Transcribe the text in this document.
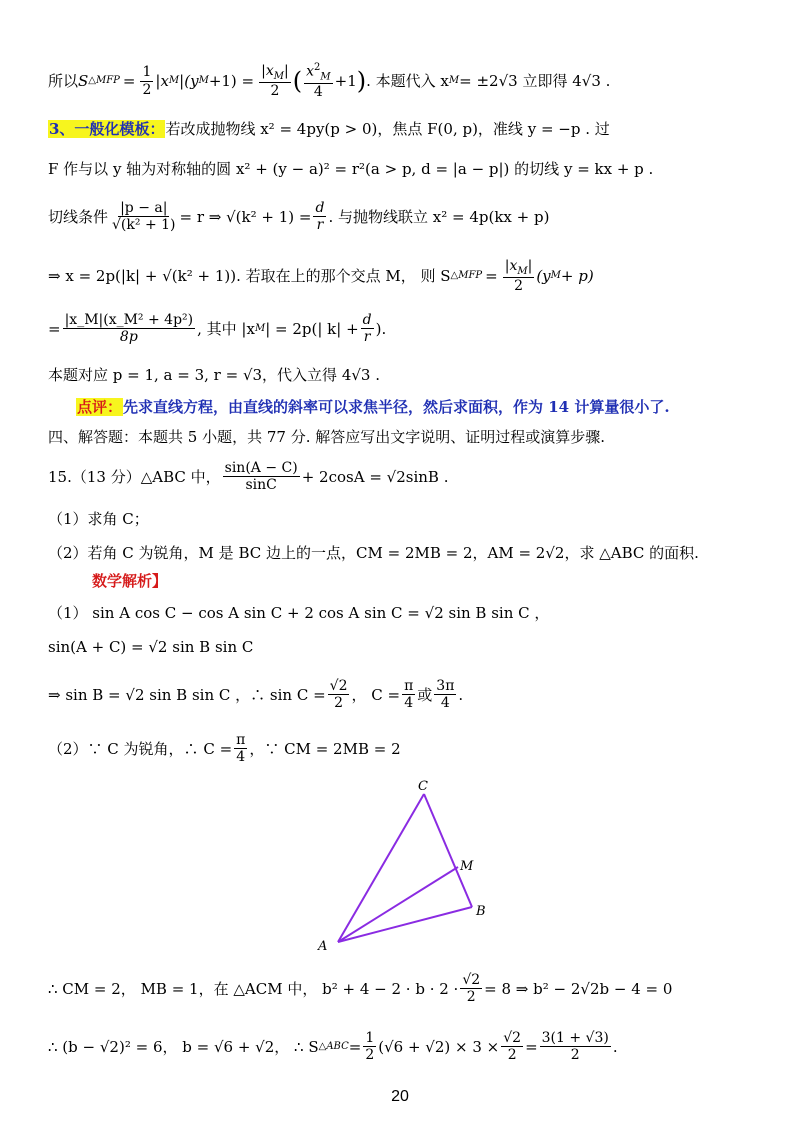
所以 S △MFP = $\frac{1}{2} |x$ M |(y $M +1) = \frac{|x_M|}{2}$ ( $\frac{x^2_M}{4} +1$ ) . 本题代入 x M = ±2√3 立即得 4√3 .
3、一般化模板： 若改成抛物线 x² = 4py(p > 0)，焦点 F(0, p)，准线 y = −p . 过
F 作与以 y 轴为对称轴的圆 x² + (y − a)² = r²(a > p, d = |a − p|) 的切线 y = kx + p .
切线条件 $\frac{|p - a|}{\text{√(k² + 1)}} = r$ ⇒ $√(k^2 + 1) = \frac{d}{r}$ . 与抛物线联立 x² = 4p(kx + p)
⇒ x = 2p(|k| + √(k² + 1)). 若取在上的那个交点 M， 则 S △MFP = $\frac{|x_M|}{2} (y$ M + p)
= $\frac{\text{|x\_M|(x\_M² + 4p²)}}{8p}$ , 其中 |x M | = 2p(| $k| + \frac{d}{r}$ ).
本题对应 p = 1, a = 3, r = √3，代入立得 4√3 .
点评： 先求直线方程，由直线的斜率可以求焦半径，然后求面积，作为 14 计算量很小了.
四、解答题：本题共 5 小题，共 77 分. 解答应写出文字说明、证明过程或演算步骤.
15.（13 分）△ABC 中， $\frac{\sin(A - C)}{\sin C} + 2\cos A = √2\sin B$ .
（1）求角 C；
（2）若角 C 为锐角，M 是 BC 边上的一点，CM = 2MB = 2，AM = 2√2，求 △ABC 的面积.
数学解析】
（1） sin A cos C − cos A sin C + 2 cos A sin C = √2 sin B sin C ，
sin(A + C) = √2 sin B sin C
⇒ sin B = √2 sin B sin C ，∴ $\sin C = \frac{√2}{2}$ ， $C = \frac{\pi}{4}$ 或 $\frac{3\pi}{4}$ .
（2）∵ C 为锐角，∴ $C = \frac{\pi}{4}$ ，∵ CM = 2MB = 2
C
M
B
A
∴ CM = 2， MB = 1，在 △ACM 中， $b^2 + 4 - 2 \cdot b \cdot 2 \cdot \frac{√2}{2} = 8$ ⇒ b² − 2√2b − 4 = 0
∴ (b − √2)² = 6， b = √6 + √2， ∴ S △ABC = $\frac{1}{2} (√6 + √2) \times 3 \times \frac{√2}{2} = \frac{3(1 + √3)}{2}$ .
20
